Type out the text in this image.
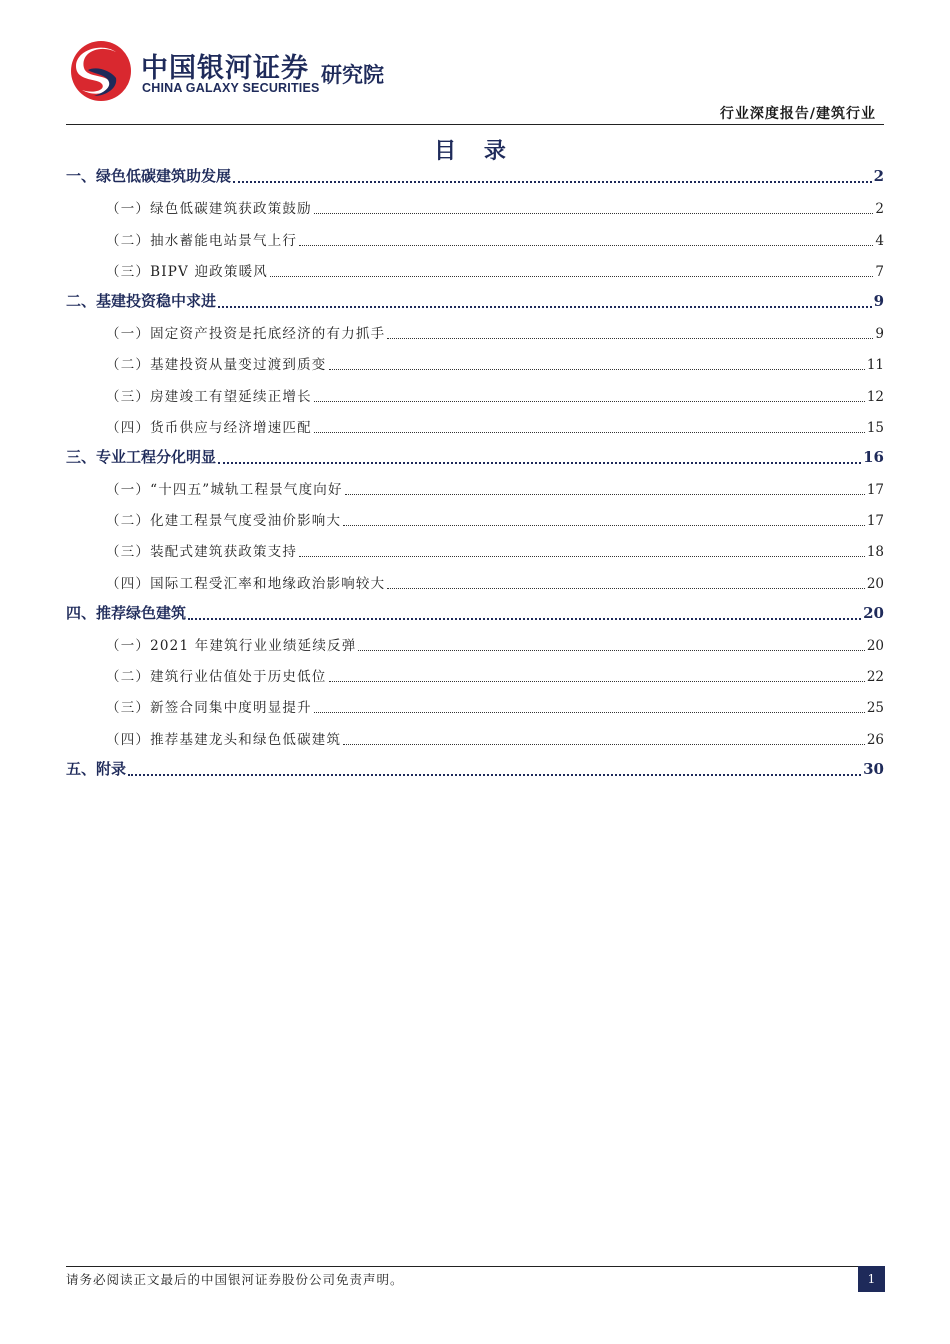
中国银河证券
CHINA GALAXY SECURITIES
研究院
行业深度报告/建筑行业
目 录
一、绿色低碳建筑助发展	2
（一）绿色低碳建筑获政策鼓励	2
（二）抽水蓄能电站景气上行	4
（三）BIPV 迎政策暖风	7
二、基建投资稳中求进	9
（一）固定资产投资是托底经济的有力抓手	9
（二）基建投资从量变过渡到质变	11
（三）房建竣工有望延续正增长	12
（四）货币供应与经济增速匹配	15
三、专业工程分化明显	16
（一）“十四五”城轨工程景气度向好	17
（二）化建工程景气度受油价影响大	17
（三）装配式建筑获政策支持	18
（四）国际工程受汇率和地缘政治影响较大	20
四、推荐绿色建筑	20
（一）2021 年建筑行业业绩延续反弹	20
（二）建筑行业估值处于历史低位	22
（三）新签合同集中度明显提升	25
（四）推荐基建龙头和绿色低碳建筑	26
五、附录	30
请务必阅读正文最后的中国银河证券股份公司免责声明。	1
